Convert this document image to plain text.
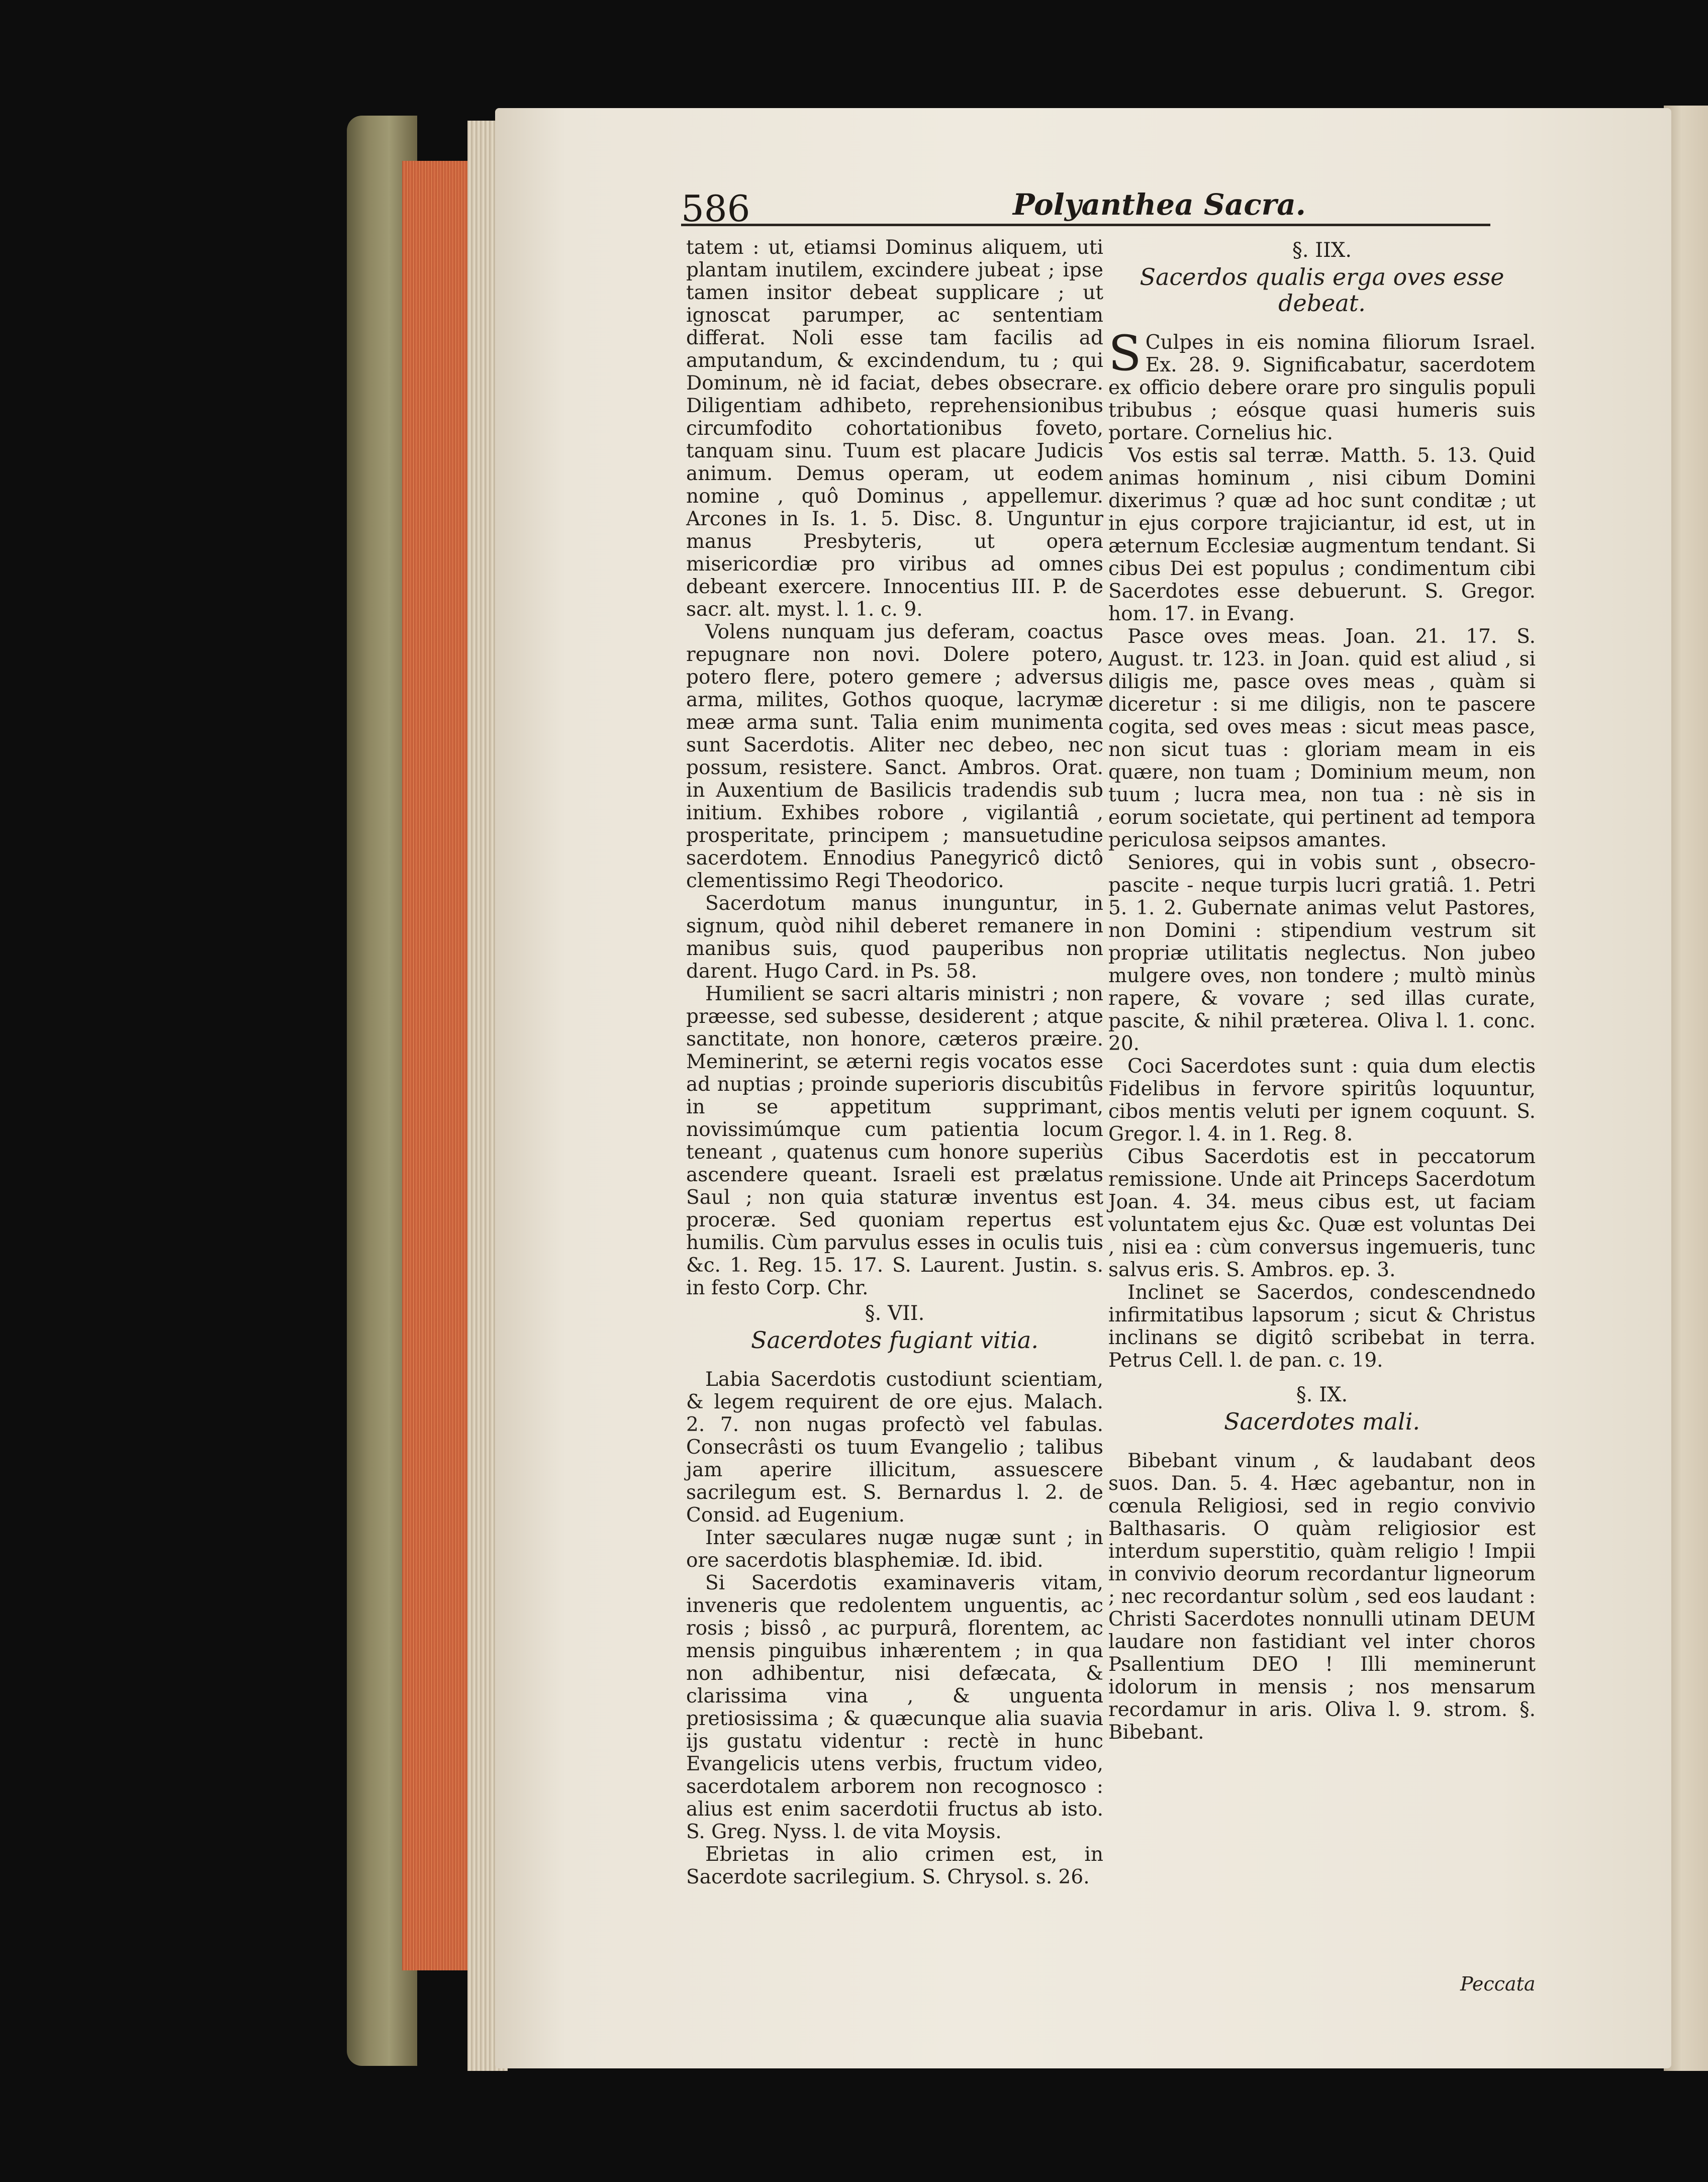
586	Polyanthea Sacra.

tatem : ut, etiamsi Dominus aliquem, uti plantam inutilem, excindere jubeat ; ipse tamen insitor debeat supplicare ; ut ignoscat parumper, ac sententiam differat. Noli esse tam facilis ad amputandum, & excindendum, tu ; qui Dominum, nè id faciat, debes obsecrare. Diligentiam adhibeto, reprehensionibus circumfodito cohortationibus foveto, tanquam sinu. Tuum est placare Judicis animum. Demus operam, ut eodem nomine , quô Dominus , appellemur. Arcones in Is. 1. 5. Disc. 8. Unguntur manus Presbyteris, ut opera misericordiæ pro viribus ad omnes debeant exercere. Innocentius III. P. de sacr. alt. myst. l. 1. c. 9.

Volens nunquam jus deferam, coactus repugnare non novi. Dolere potero, potero flere, potero gemere ; adversus arma, milites, Gothos quoque, lacrymæ meæ arma sunt. Talia enim munimenta sunt Sacerdotis. Aliter nec debeo, nec possum, resistere. Sanct. Ambros. Orat. in Auxentium de Basilicis tradendis sub initium. Exhibes robore , vigilantiâ , prosperitate, principem ; mansuetudine sacerdotem. Ennodius Panegyricô dictô clementissimo Regi Theodorico.

Sacerdotum manus inunguntur, in signum, quòd nihil deberet remanere in manibus suis, quod pauperibus non darent. Hugo Card. in Ps. 58.

Humilient se sacri altaris ministri ; non præesse, sed subesse, desiderent ; atque sanctitate, non honore, cæteros præire. Meminerint, se æterni regis vocatos esse ad nuptias ; proinde superioris discubitûs in se appetitum supprimant, novissimúmque cum patientia locum teneant , quatenus cum honore superiùs ascendere queant. Israeli est prælatus Saul ; non quia staturæ inventus est proceræ. Sed quoniam repertus est humilis. Cùm parvulus esses in oculis tuis &c. 1. Reg. 15. 17. S. Laurent. Justin. s. in festo Corp. Chr.

§. VII.
Sacerdotes fugiant vitia.

Labia Sacerdotis custodiunt scientiam, & legem requirent de ore ejus. Malach. 2. 7. non nugas profectò vel fabulas. Consecrâsti os tuum Evangelio ; talibus jam aperire illicitum, assuescere sacrilegum est. S. Bernardus l. 2. de Consid. ad Eugenium.

Inter sæculares nugæ nugæ sunt ; in ore sacerdotis blasphemiæ. Id. ibid.

Si Sacerdotis examinaveris vitam, inveneris que redolentem unguentis, ac rosis ; bissô , ac purpurâ, florentem, ac mensis pinguibus inhærentem ; in qua non adhibentur, nisi defæcata, & clarissima vina , & unguenta pretiosissima ; & quæcunque alia suavia ijs gustatu videntur : rectè in hunc Evangelicis utens verbis, fructum video, sacerdotalem arborem non recognosco : alius est enim sacerdotii fructus ab isto. S. Greg. Nyss. l. de vita Moysis.

Ebrietas in alio crimen est, in Sacerdote sacrilegium. S. Chrysol. s. 26.

§. IIX.
Sacerdos qualis erga oves esse debeat.

S Culpes in eis nomina filiorum Israel. Ex. 28. 9. Significabatur, sacerdotem ex officio debere orare pro singulis populi tribubus ; eósque quasi humeris suis portare. Cornelius hic.

Vos estis sal terræ. Matth. 5. 13. Quid animas hominum , nisi cibum Domini dixerimus ? quæ ad hoc sunt conditæ ; ut in ejus corpore trajiciantur, id est, ut in æternum Ecclesiæ augmentum tendant. Si cibus Dei est populus ; condimentum cibi Sacerdotes esse debuerunt. S. Gregor. hom. 17. in Evang.

Pasce oves meas. Joan. 21. 17. S. August. tr. 123. in Joan. quid est aliud , si diligis me, pasce oves meas , quàm si diceretur : si me diligis, non te pascere cogita, sed oves meas : sicut meas pasce, non sicut tuas : gloriam meam in eis quære, non tuam ; Dominium meum, non tuum ; lucra mea, non tua : nè sis in eorum societate, qui pertinent ad tempora periculosa seipsos amantes.

Seniores, qui in vobis sunt , obsecro-pascite - neque turpis lucri gratiâ. 1. Petri 5. 1. 2. Gubernate animas velut Pastores, non Domini : stipendium vestrum sit propriæ utilitatis neglectus. Non jubeo mulgere oves, non tondere ; multò minùs rapere, & vovare ; sed illas curate, pascite, & nihil præterea. Oliva l. 1. conc. 20.

Coci Sacerdotes sunt : quia dum electis Fidelibus in fervore spiritûs loquuntur, cibos mentis veluti per ignem coquunt. S. Gregor. l. 4. in 1. Reg. 8.

Cibus Sacerdotis est in peccatorum remissione. Unde ait Princeps Sacerdotum Joan. 4. 34. meus cibus est, ut faciam voluntatem ejus &c. Quæ est voluntas Dei , nisi ea : cùm conversus ingemueris, tunc salvus eris. S. Ambros. ep. 3.

Inclinet se Sacerdos, condescendnedo infirmitatibus lapsorum ; sicut & Christus inclinans se digitô scribebat in terra. Petrus Cell. l. de pan. c. 19.

§. IX.
Sacerdotes mali.

Bibebant vinum , & laudabant deos suos. Dan. 5. 4. Hæc agebantur, non in cœnula Religiosi, sed in regio convivio Balthasaris. O quàm religiosior est interdum superstitio, quàm religio ! Impii in convivio deorum recordantur ligneorum ; nec recordantur solùm , sed eos laudant : Christi Sacerdotes nonnulli utinam DEUM laudare non fastidiant vel inter choros Psallentium DEO ! Illi meminerunt idolorum in mensis ; nos mensarum recordamur in aris. Oliva l. 9. strom. §. Bibebant.

Peccata
